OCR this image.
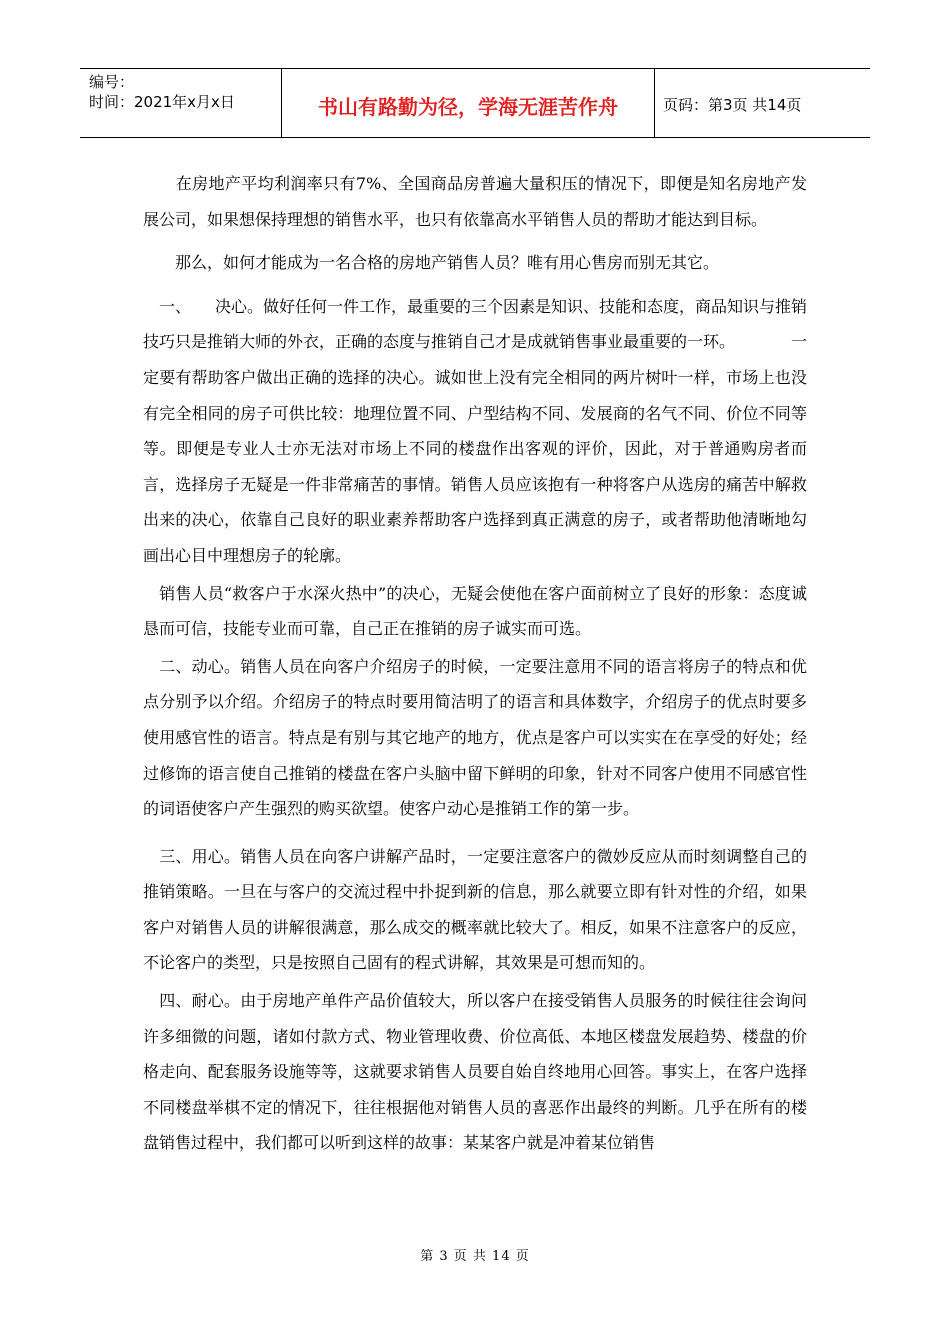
编号：
时间：2021年x月x日	书山有路勤为径，学海无涯苦作舟	页码：第3页 共14页

　　在房地产平均利润率只有7%、全国商品房普遍大量积压的情况下，即便是知名房地产发展公司，如果想保持理想的销售水平，也只有依靠高水平销售人员的帮助才能达到目标。

　　那么，如何才能成为一名合格的房地产销售人员？唯有用心售房而别无其它。

　一、　　决心。做好任何一件工作，最重要的三个因素是知识、技能和态度，商品知识与推销技巧只是推销大师的外衣，正确的态度与推销自己才是成就销售事业最重要的一环。　　　　一定要有帮助客户做出正确的选择的决心。诚如世上没有完全相同的两片树叶一样，市场上也没有完全相同的房子可供比较：地理位置不同、户型结构不同、发展商的名气不同、价位不同等等。即便是专业人士亦无法对市场上不同的楼盘作出客观的评价，因此，对于普通购房者而言，选择房子无疑是一件非常痛苦的事情。销售人员应该抱有一种将客户从选房的痛苦中解救出来的决心，依靠自己良好的职业素养帮助客户选择到真正满意的房子，或者帮助他清晰地勾画出心目中理想房子的轮廓。

　销售人员“救客户于水深火热中”的决心，无疑会使他在客户面前树立了良好的形象：态度诚恳而可信，技能专业而可靠，自己正在推销的房子诚实而可选。

　二、动心。销售人员在向客户介绍房子的时候，一定要注意用不同的语言将房子的特点和优点分别予以介绍。介绍房子的特点时要用简洁明了的语言和具体数字，介绍房子的优点时要多使用感官性的语言。特点是有别与其它地产的地方，优点是客户可以实实在在享受的好处；经过修饰的语言使自己推销的楼盘在客户头脑中留下鲜明的印象，针对不同客户使用不同感官性的词语使客户产生强烈的购买欲望。使客户动心是推销工作的第一步。

　三、用心。销售人员在向客户讲解产品时，一定要注意客户的微妙反应从而时刻调整自己的推销策略。一旦在与客户的交流过程中扑捉到新的信息，那么就要立即有针对性的介绍，如果客户对销售人员的讲解很满意，那么成交的概率就比较大了。相反，如果不注意客户的反应，不论客户的类型，只是按照自己固有的程式讲解，其效果是可想而知的。

　四、耐心。由于房地产单件产品价值较大，所以客户在接受销售人员服务的时候往往会询问许多细微的问题，诸如付款方式、物业管理收费、价位高低、本地区楼盘发展趋势、楼盘的价格走向、配套服务设施等等，这就要求销售人员要自始自终地用心回答。事实上，在客户选择不同楼盘举棋不定的情况下，往往根据他对销售人员的喜恶作出最终的判断。几乎在所有的楼盘销售过程中，我们都可以听到这样的故事：某某客户就是冲着某位销售

第 3 页 共 14 页
